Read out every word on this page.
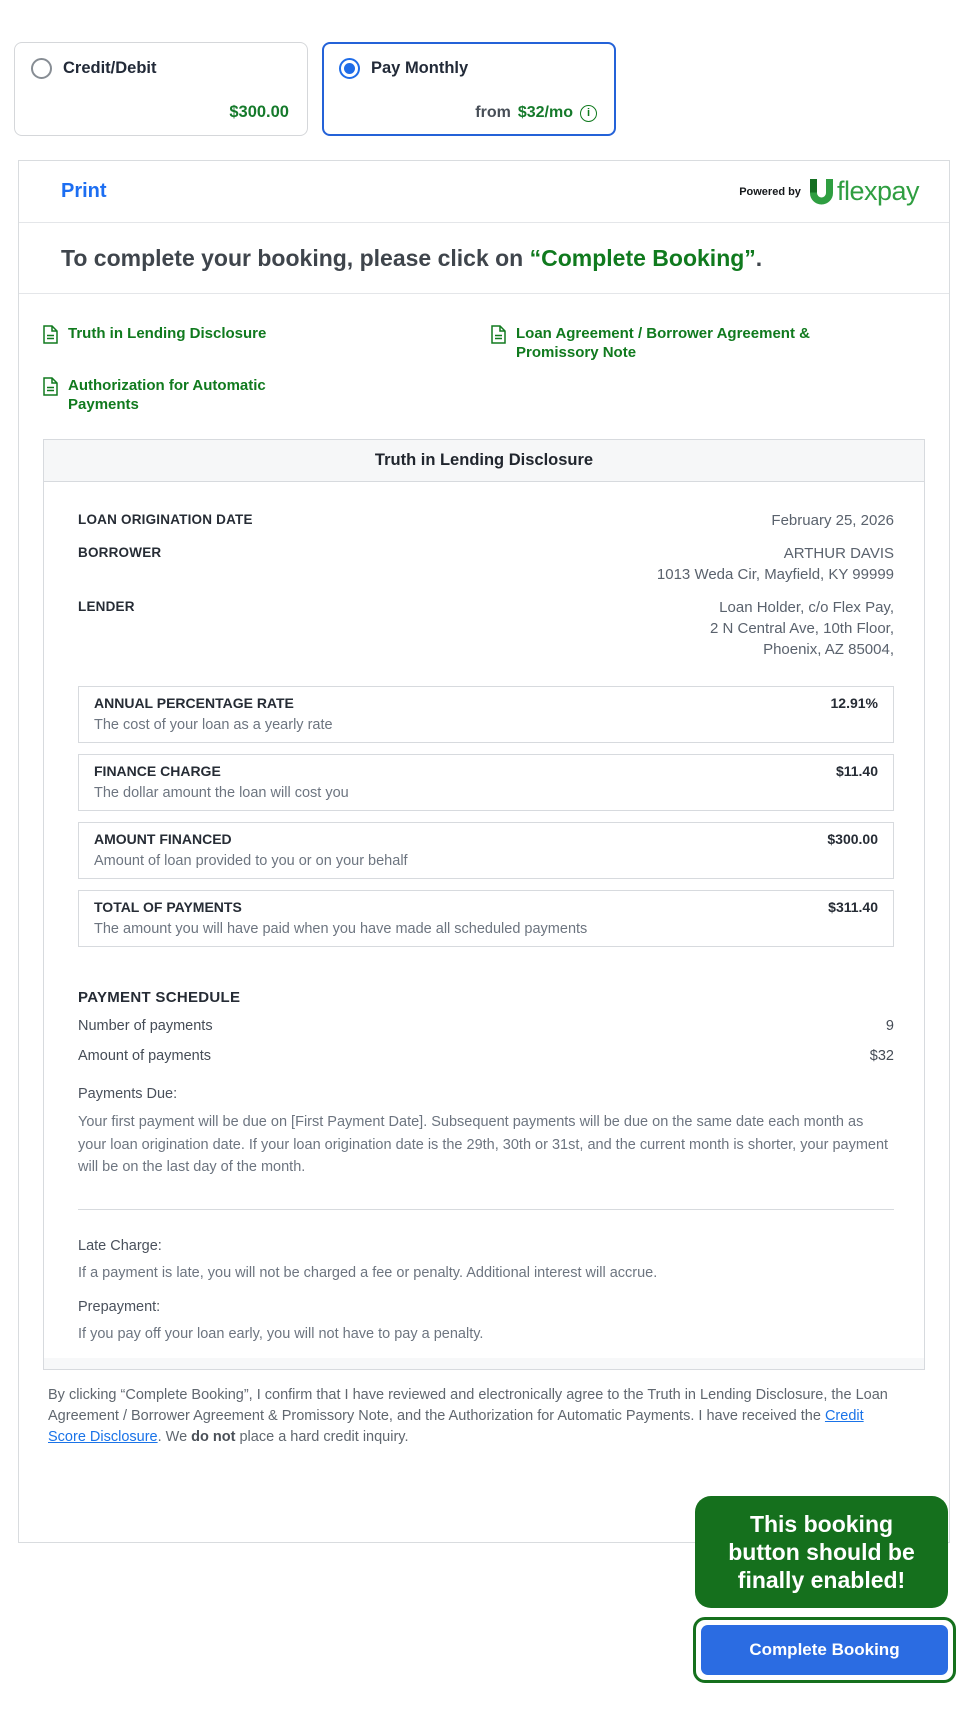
Credit/Debit
$300.00
Pay Monthly
from $32/mo	i
Print	Powered by flexpay
To complete your booking, please click on “Complete Booking”.
Truth in Lending Disclosure	Loan Agreement / Borrower Agreement & Promissory Note
Authorization for Automatic Payments
Truth in Lending Disclosure
LOAN ORIGINATION DATE	February 25, 2026
BORROWER	ARTHUR DAVIS
1013 Weda Cir, Mayfield, KY 99999
LENDER	Loan Holder, c/o Flex Pay,
2 N Central Ave, 10th Floor,
Phoenix, AZ 85004,
ANNUAL PERCENTAGE RATE	12.91%
The cost of your loan as a yearly rate
FINANCE CHARGE	$11.40
The dollar amount the loan will cost you
AMOUNT FINANCED	$300.00
Amount of loan provided to you or on your behalf
TOTAL OF PAYMENTS	$311.40
The amount you will have paid when you have made all scheduled payments
PAYMENT SCHEDULE
Number of payments	9
Amount of payments	$32
Payments Due:
Your first payment will be due on [First Payment Date]. Subsequent payments will be due on the same date each month as your loan origination date. If your loan origination date is the 29th, 30th or 31st, and the current month is shorter, your payment will be on the last day of the month.
Late Charge:
If a payment is late, you will not be charged a fee or penalty. Additional interest will accrue.
Prepayment:
If you pay off your loan early, you will not have to pay a penalty.

By clicking “Complete Booking”, I confirm that I have reviewed and electronically agree to the Truth in Lending Disclosure, the Loan Agreement / Borrower Agreement & Promissory Note, and the Authorization for Automatic Payments. I have received the Credit Score Disclosure. We do not place a hard credit inquiry.

This booking
button should be
finally enabled!
Complete Booking
